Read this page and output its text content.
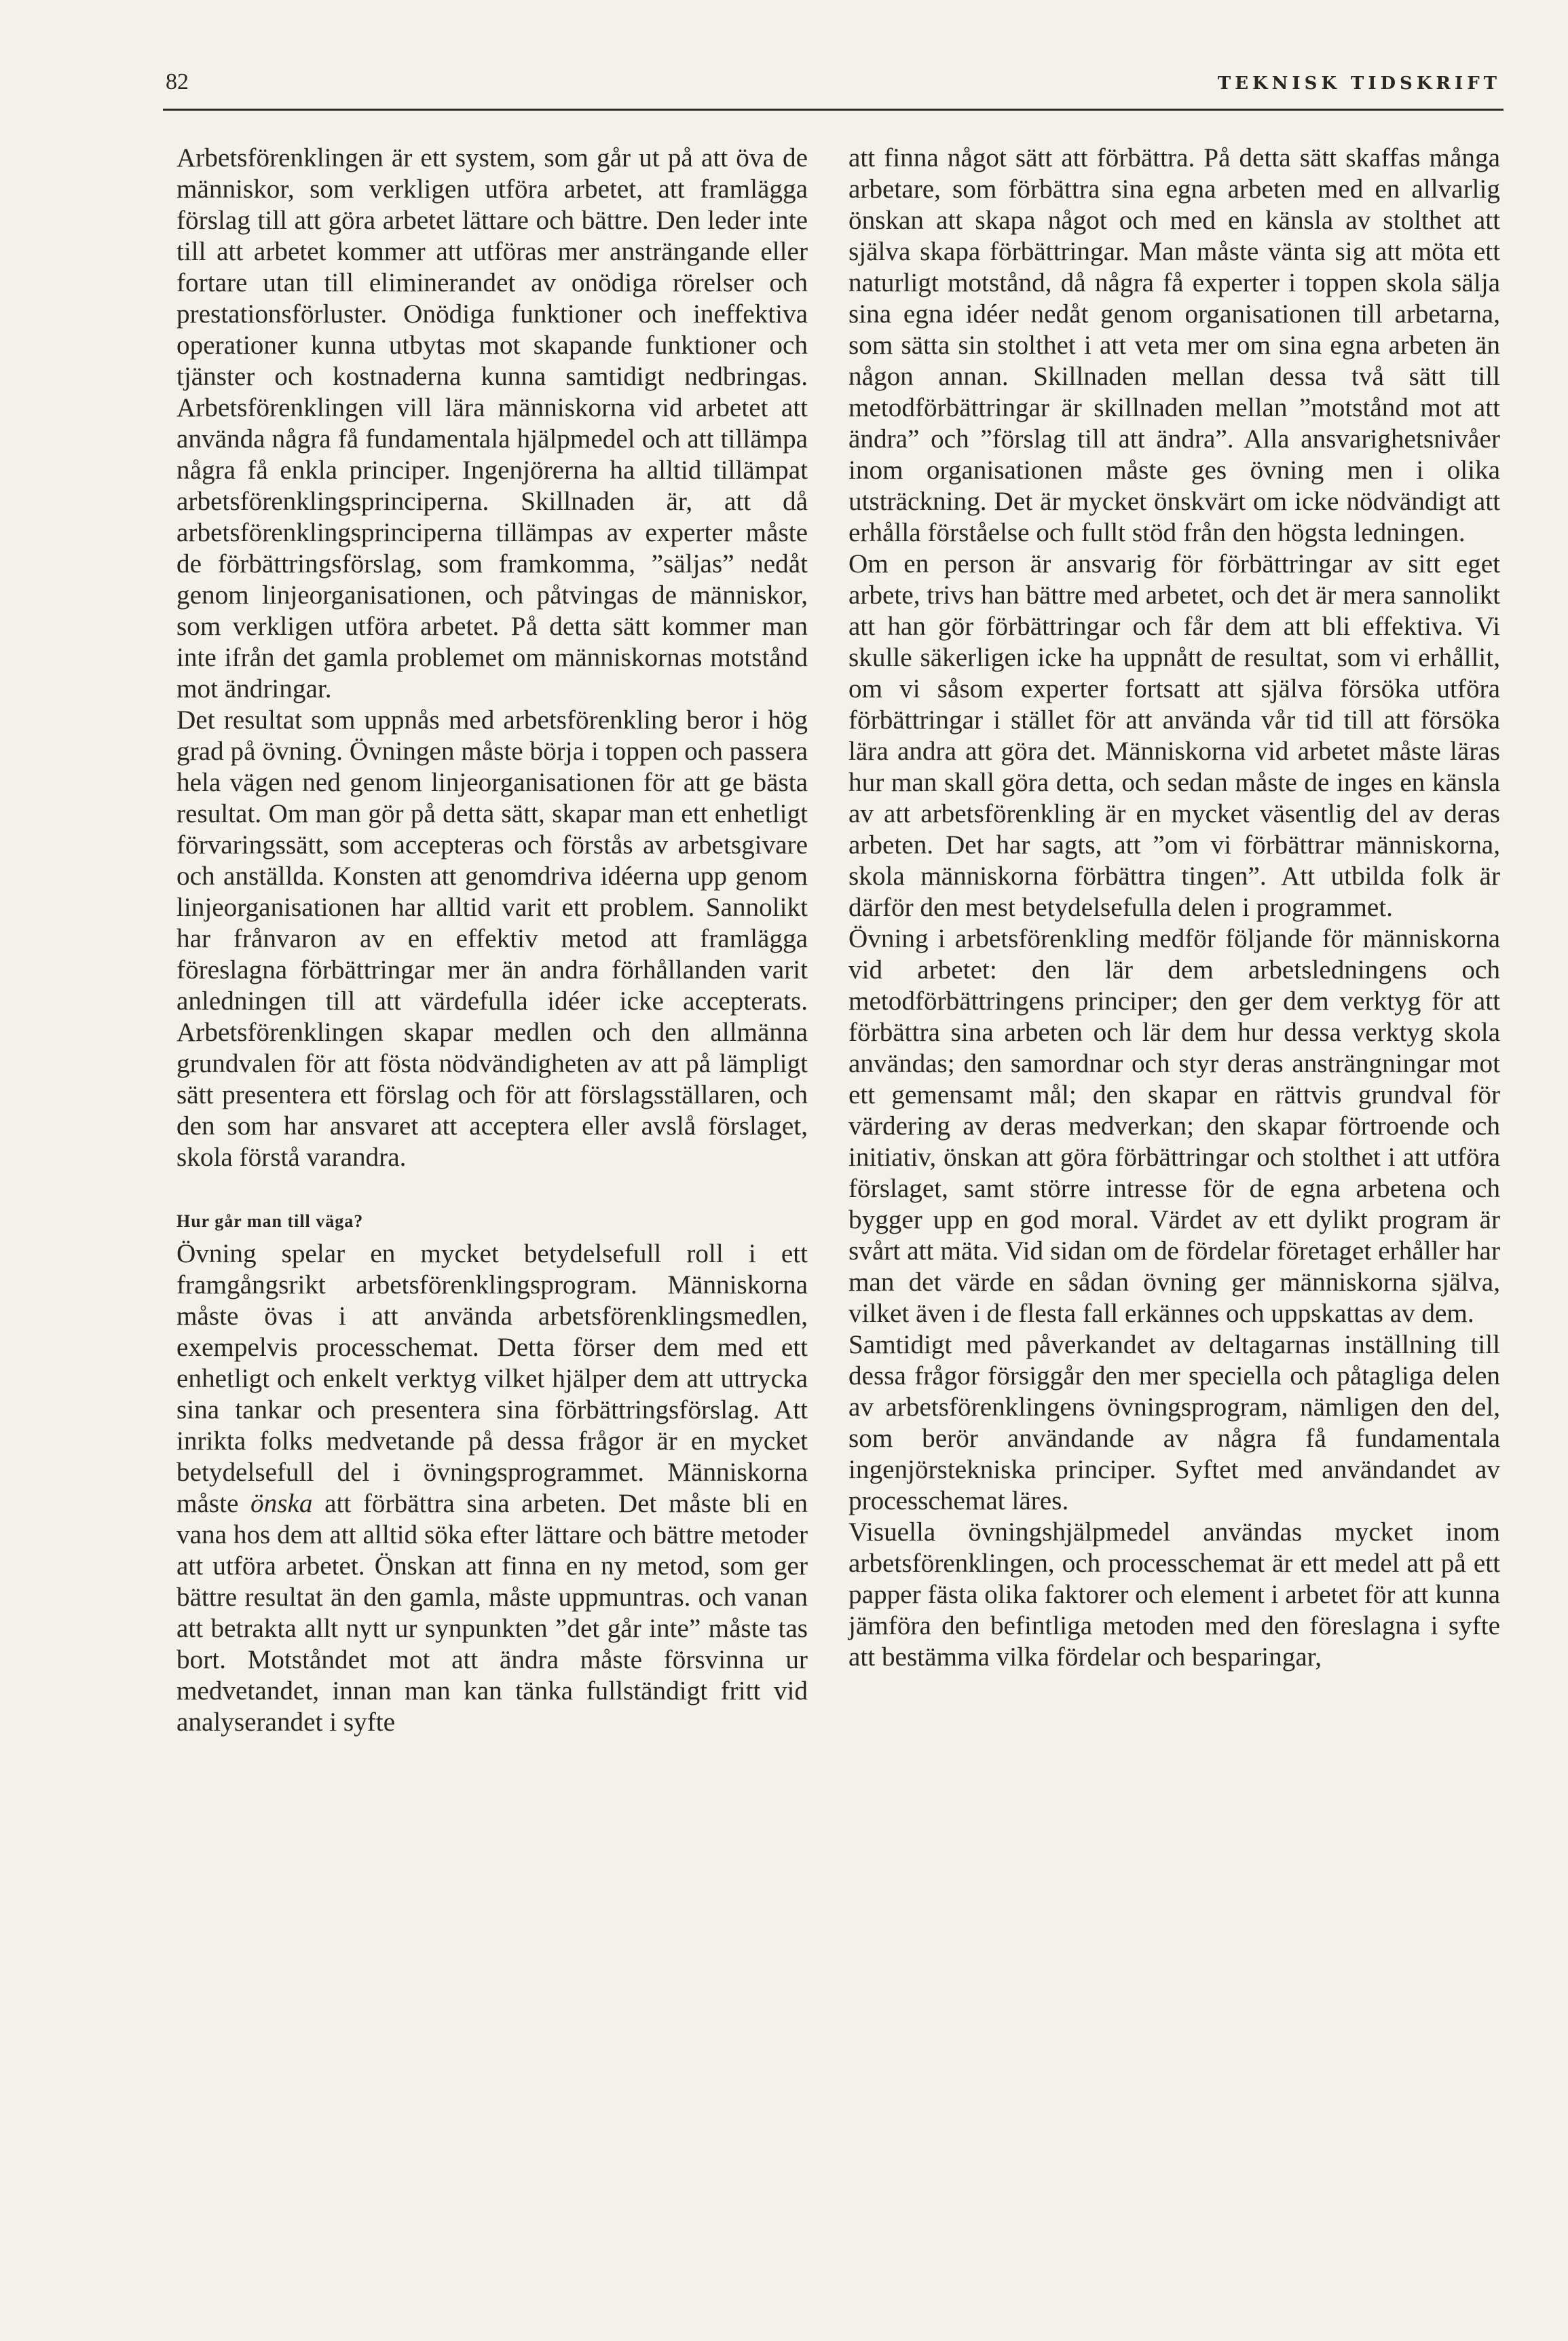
82	TEKNISK TIDSKRIFT

Arbetsförenklingen är ett system, som går ut på att öva de människor, som verkligen utföra arbetet, att framlägga förslag till att göra arbetet lättare och bättre. Den leder inte till att arbetet kommer att utföras mer ansträngande eller fortare utan till eliminerandet av onödiga rörelser och prestationsförluster. Onödiga funktioner och ineffektiva operationer kunna utbytas mot skapande funktioner och tjänster och kostnaderna kunna samtidigt nedbringas. Arbetsförenklingen vill lära människorna vid arbetet att använda några få fundamentala hjälpmedel och att tillämpa några få enkla principer. Ingenjörerna ha alltid tillämpat arbetsförenklingsprinciperna. Skillnaden är, att då arbetsförenklingsprinciperna tillämpas av experter måste de förbättringsförslag, som framkomma, ”säljas” nedåt genom linjeorganisationen, och påtvingas de människor, som verkligen utföra arbetet. På detta sätt kommer man inte ifrån det gamla problemet om människornas motstånd mot ändringar.

Det resultat som uppnås med arbetsförenkling beror i hög grad på övning. Övningen måste börja i toppen och passera hela vägen ned genom linjeorganisationen för att ge bästa resultat. Om man gör på detta sätt, skapar man ett enhetligt förvaringssätt, som accepteras och förstås av arbetsgivare och anställda. Konsten att genomdriva idéerna upp genom linjeorganisationen har alltid varit ett problem. Sannolikt har frånvaron av en effektiv metod att framlägga föreslagna förbättringar mer än andra förhållanden varit anledningen till att värdefulla idéer icke accepterats. Arbetsförenklingen skapar medlen och den allmänna grundvalen för att fösta nödvändigheten av att på lämpligt sätt presentera ett förslag och för att förslagsställaren, och den som har ansvaret att acceptera eller avslå förslaget, skola förstå varandra.

Hur går man till väga?

Övning spelar en mycket betydelsefull roll i ett framgångsrikt arbetsförenklingsprogram. Människorna måste övas i att använda arbetsförenklingsmedlen, exempelvis processchemat. Detta förser dem med ett enhetligt och enkelt verktyg vilket hjälper dem att uttrycka sina tankar och presentera sina förbättringsförslag. Att inrikta folks medvetande på dessa frågor är en mycket betydelsefull del i övningsprogrammet. Människorna måste önska att förbättra sina arbeten. Det måste bli en vana hos dem att alltid söka efter lättare och bättre metoder att utföra arbetet. Önskan att finna en ny metod, som ger bättre resultat än den gamla, måste uppmuntras. och vanan att betrakta allt nytt ur synpunkten ”det går inte” måste tas bort. Motståndet mot att ändra måste försvinna ur medvetandet, innan man kan tänka fullständigt fritt vid analyserandet i syfte

att finna något sätt att förbättra. På detta sätt skaffas många arbetare, som förbättra sina egna arbeten med en allvarlig önskan att skapa något och med en känsla av stolthet att själva skapa förbättringar. Man måste vänta sig att möta ett naturligt motstånd, då några få experter i toppen skola sälja sina egna idéer nedåt genom organisationen till arbetarna, som sätta sin stolthet i att veta mer om sina egna arbeten än någon annan. Skillnaden mellan dessa två sätt till metodförbättringar är skillnaden mellan ”motstånd mot att ändra” och ”förslag till att ändra”. Alla ansvarighetsnivåer inom organisationen måste ges övning men i olika utsträckning. Det är mycket önskvärt om icke nödvändigt att erhålla förståelse och fullt stöd från den högsta ledningen.

Om en person är ansvarig för förbättringar av sitt eget arbete, trivs han bättre med arbetet, och det är mera sannolikt att han gör förbättringar och får dem att bli effektiva. Vi skulle säkerligen icke ha uppnått de resultat, som vi erhållit, om vi såsom experter fortsatt att själva försöka utföra förbättringar i stället för att använda vår tid till att försöka lära andra att göra det. Människorna vid arbetet måste läras hur man skall göra detta, och sedan måste de inges en känsla av att arbetsförenkling är en mycket väsentlig del av deras arbeten. Det har sagts, att ”om vi förbättrar människorna, skola människorna förbättra tingen”. Att utbilda folk är därför den mest betydelsefulla delen i programmet.

Övning i arbetsförenkling medför följande för människorna vid arbetet: den lär dem arbetsledningens och metodförbättringens principer; den ger dem verktyg för att förbättra sina arbeten och lär dem hur dessa verktyg skola användas; den samordnar och styr deras ansträngningar mot ett gemensamt mål; den skapar en rättvis grundval för värdering av deras medverkan; den skapar förtroende och initiativ, önskan att göra förbättringar och stolthet i att utföra förslaget, samt större intresse för de egna arbetena och bygger upp en god moral. Värdet av ett dylikt program är svårt att mäta. Vid sidan om de fördelar företaget erhåller har man det värde en sådan övning ger människorna själva, vilket även i de flesta fall erkännes och uppskattas av dem.

Samtidigt med påverkandet av deltagarnas inställning till dessa frågor försiggår den mer speciella och påtagliga delen av arbetsförenklingens övningsprogram, nämligen den del, som berör användande av några få fundamentala ingenjörstekniska principer. Syftet med användandet av processchemat läres.

Visuella övningshjälpmedel användas mycket inom arbetsförenklingen, och processchemat är ett medel att på ett papper fästa olika faktorer och element i arbetet för att kunna jämföra den befintliga metoden med den föreslagna i syfte att bestämma vilka fördelar och besparingar,
